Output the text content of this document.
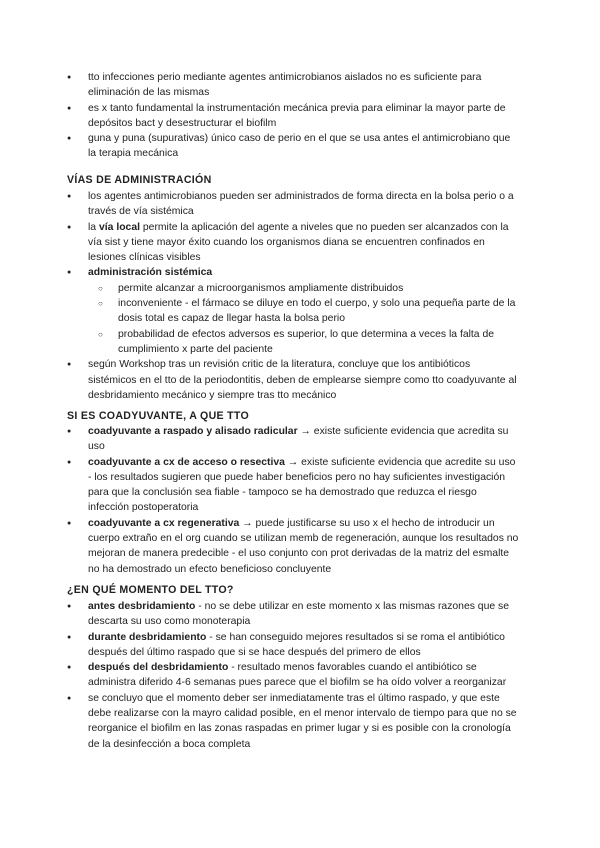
● tto infecciones perio mediante agentes antimicrobianos aislados no es suficiente para eliminación de las mismas
● es x tanto fundamental la instrumentación mecánica previa para eliminar la mayor parte de depósitos bact y desestructurar el biofilm
● guna y puna (supurativas) único caso de perio en el que se usa antes el antimicrobiano que la terapia mecánica
VÍAS DE ADMINISTRACIÓN
● los agentes antimicrobianos pueden ser administrados de forma directa en la bolsa perio o a través de vía sistémica
● la vía local permite la aplicación del agente a niveles que no pueden ser alcanzados con la vía sist y tiene mayor éxito cuando los organismos diana se encuentren confinados en lesiones clínicas visibles
● administración sistémica
○ permite alcanzar a microorganismos ampliamente distribuidos
○ inconveniente - el fármaco se diluye en todo el cuerpo, y solo una pequeña parte de la dosis total es capaz de llegar hasta la bolsa perio
○ probabilidad de efectos adversos es superior, lo que determina a veces la falta de cumplimiento x parte del paciente
● según Workshop tras un revisión critic de la literatura, concluye que los antibióticos sistémicos en el tto de la periodontitis, deben de emplearse siempre como tto coadyuvante al desbridamiento mecánico y siempre tras tto mecánico
SI ES COADYUVANTE, A QUE TTO
● coadyuvante a raspado y alisado radicular → existe suficiente evidencia que acredita su uso
● coadyuvante a cx de acceso o resectiva → existe suficiente evidencia que acredite su uso - los resultados sugieren que puede haber beneficios pero no hay suficientes investigación para que la conclusión sea fiable - tampoco se ha demostrado que reduzca el riesgo infección postoperatoria
● coadyuvante a cx regenerativa → puede justificarse su uso x el hecho de introducir un cuerpo extraño en el org cuando se utilizan memb de regeneración, aunque los resultados no mejoran de manera predecible - el uso conjunto con prot derivadas de la matriz del esmalte no ha demostrado un efecto beneficioso concluyente
¿EN QUÉ MOMENTO DEL TTO?
● antes desbridamiento - no se debe utilizar en este momento x las mismas razones que se descarta su uso como monoterapia
● durante desbridamiento - se han conseguido mejores resultados si se roma el antibiótico después del último raspado que si se hace después del primero de ellos
● después del desbridamiento - resultado menos favorables cuando el antibiótico se administra diferido 4-6 semanas pues parece que el biofilm se ha oído volver a reorganizar
● se concluyo que el momento deber ser inmediatamente tras el último raspado, y que este debe realizarse con la mayro calidad posible, en el menor intervalo de tiempo para que no se reorganice el biofilm en las zonas raspadas en primer lugar y si es posible con la cronología de la desinfección a boca completa
